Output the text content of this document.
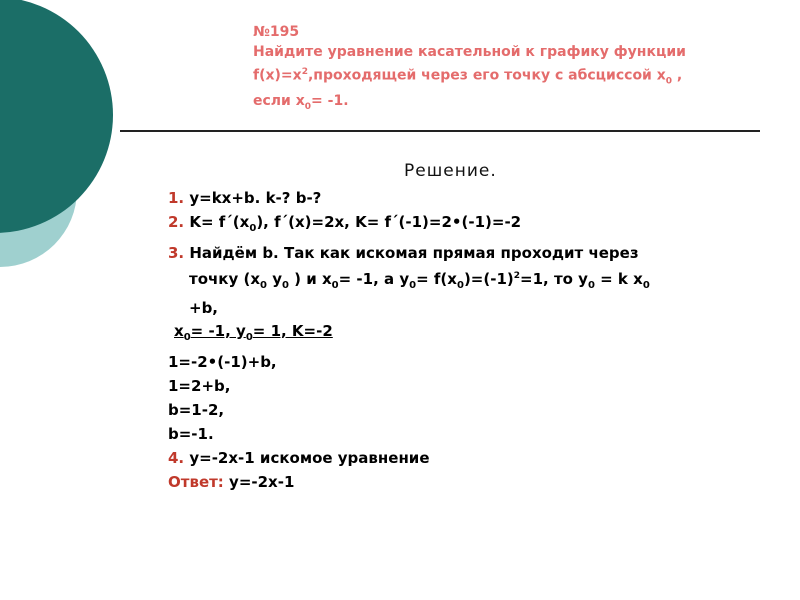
№195
Найдите уравнение касательной к графику функции
$f(x)=x^2,проходящей$ через его точку с абсциссой $х_0$ ,
если $х_0= -1$.
Решение.
1. у=kх+b. k-? b-?
2. $K= f´(x_0)$, f´(x)=2x, K= f´(-1)=2•(-1)=-2
3. Найдём b. Так как искомая прямая проходит через
точку ($х_0$ $у_0$ ) и $х_0= -1$, а $у_0= f(x_0)=(-1)^2=1$, то $у_0 = k$ $х_0$
+b,
$х_0= -1$, $у_0= 1$, K=-2
1=-2•(-1)+b,
1=2+b,
b=1-2,
b=-1.
4. у=-2х-1 искомое уравнение
Ответ: у=-2х-1
